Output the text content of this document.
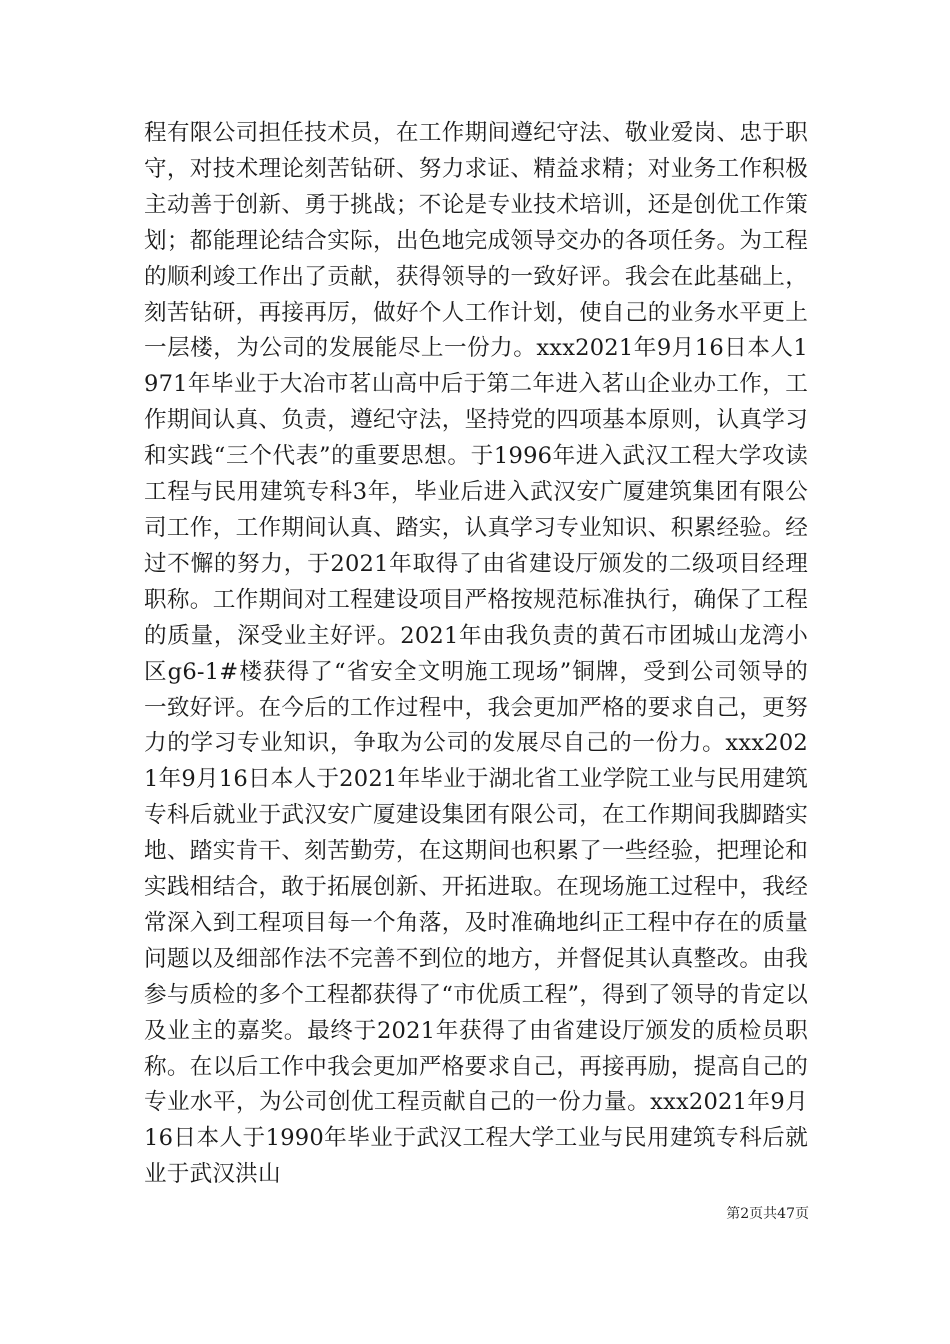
程有限公司担任技术员，在工作期间遵纪守法、敬业爱岗、忠于职守，对技术理论刻苦钻研、努力求证、精益求精；对业务工作积极主动善于创新、勇于挑战；不论是专业技术培训，还是创优工作策划；都能理论结合实际，出色地完成领导交办的各项任务。为工程的顺利竣工作出了贡献，获得领导的一致好评。我会在此基础上，刻苦钻研，再接再厉，做好个人工作计划，使自己的业务水平更上一层楼，为公司的发展能尽上一份力。xxx2021年9月16日本人1971年毕业于大冶市茗山高中后于第二年进入茗山企业办工作，工作期间认真、负责，遵纪守法，坚持党的四项基本原则，认真学习和实践“三个代表”的重要思想。于1996年进入武汉工程大学攻读工程与民用建筑专科3年，毕业后进入武汉安广厦建筑集团有限公司工作，工作期间认真、踏实，认真学习专业知识、积累经验。经过不懈的努力，于2021年取得了由省建设厅颁发的二级项目经理职称。工作期间对工程建设项目严格按规范标准执行，确保了工程的质量，深受业主好评。2021年由我负责的黄石市团城山龙湾小区g6-1#楼获得了“省安全文明施工现场”铜牌，受到公司领导的一致好评。在今后的工作过程中，我会更加严格的要求自己，更努力的学习专业知识，争取为公司的发展尽自己的一份力。xxx2021年9月16日本人于2021年毕业于湖北省工业学院工业与民用建筑专科后就业于武汉安广厦建设集团有限公司，在工作期间我脚踏实地、踏实肯干、刻苦勤劳，在这期间也积累了一些经验，把理论和实践相结合，敢于拓展创新、开拓进取。在现场施工过程中，我经常深入到工程项目每一个角落，及时准确地纠正工程中存在的质量问题以及细部作法不完善不到位的地方，并督促其认真整改。由我参与质检的多个工程都获得了“市优质工程”，得到了领导的肯定以及业主的嘉奖。最终于2021年获得了由省建设厅颁发的质检员职称。在以后工作中我会更加严格要求自己，再接再励，提高自己的专业水平，为公司创优工程贡献自己的一份力量。xxx2021年9月16日本人于1990年毕业于武汉工程大学工业与民用建筑专科后就业于武汉洪山

第2页共47页
